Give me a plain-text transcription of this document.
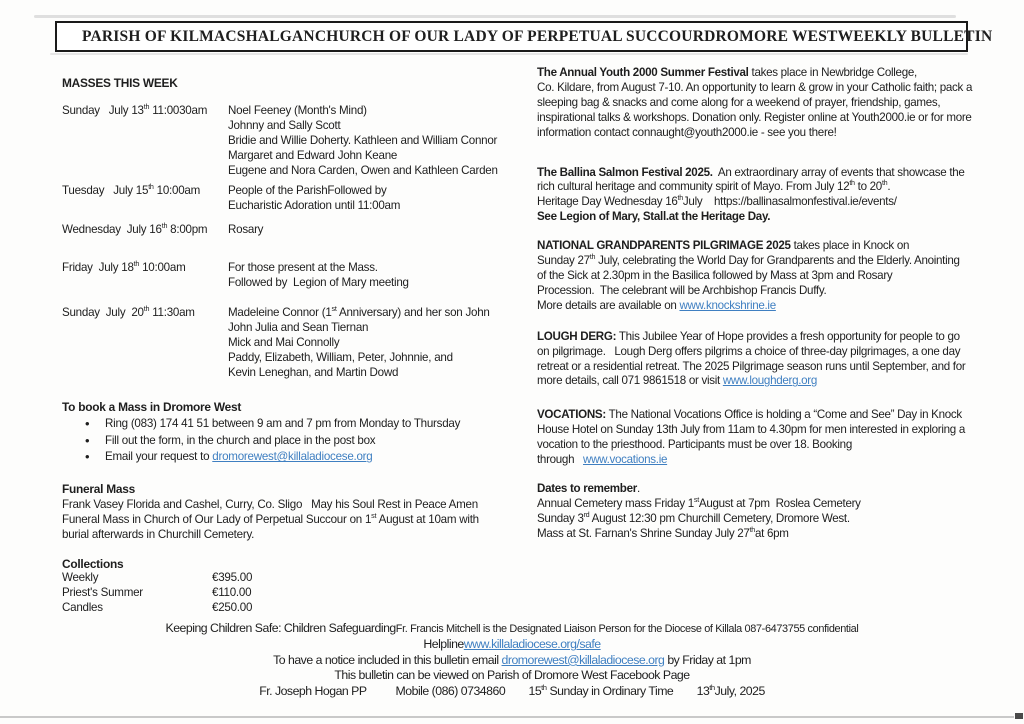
PARISH OF KILMACSHALGAN CHURCH OF OUR LADY OF PERPETUAL SUCCOUR DROMORE WEST WEEKLY BULLETIN
MASSES THIS WEEK
Sunday   July 13th 11:0030am	Noel Feeney (Month's Mind)
Johnny and Sally Scott
Bridie and Willie Doherty. Kathleen and William Connor
Margaret and Edward John Keane
Eugene and Nora Carden, Owen and Kathleen Carden
Tuesday   July 15th 10:00am	People of the ParishFollowed by
Eucharistic Adoration until 11:00am
Wednesday  July 16th 8:00pm	Rosary
Friday  July 18th 10:00am	For those present at the Mass.
Followed by  Legion of Mary meeting
Sunday  July  20th 11:30am	Madeleine Connor (1st Anniversary) and her son John
John Julia and Sean Tiernan
Mick and Mai Connolly
Paddy, Elizabeth, William, Peter, Johnnie, and
Kevin Leneghan, and Martin Dowd
To book a Mass in Dromore West
• Ring (083) 174 41 51 between 9 am and 7 pm from Monday to Thursday
• Fill out the form, in the church and place in the post box
• Email your request to dromorewest@killaladiocese.org
Funeral Mass
Frank Vasey Florida and Cashel, Curry, Co. Sligo   May his Soul Rest in Peace Amen
Funeral Mass in Church of Our Lady of Perpetual Succour on 1st August at 10am with
burial afterwards in Churchill Cemetery.
Collections
Weekly	€395.00
Priest's Summer	€110.00
Candles	€250.00
The Annual Youth 2000 Summer Festival takes place in Newbridge College,
Co. Kildare, from August 7-10. An opportunity to learn & grow in your Catholic faith; pack a
sleeping bag & snacks and come along for a weekend of prayer, friendship, games,
inspirational talks & workshops. Donation only. Register online at Youth2000.ie or for more
information contact connaught@youth2000.ie - see you there!
The Ballina Salmon Festival 2025.  An extraordinary array of events that showcase the
rich cultural heritage and community spirit of Mayo. From July 12th to 20th.
Heritage Day Wednesday 16thJuly    https://ballinasalmonfestival.ie/events/
See Legion of Mary, Stall.at the Heritage Day.
NATIONAL GRANDPARENTS PILGRIMAGE 2025 takes place in Knock on
Sunday 27th July, celebrating the World Day for Grandparents and the Elderly. Anointing
of the Sick at 2.30pm in the Basilica followed by Mass at 3pm and Rosary
Procession.  The celebrant will be Archbishop Francis Duffy.
More details are available on www.knockshrine.ie
LOUGH DERG: This Jubilee Year of Hope provides a fresh opportunity for people to go
on pilgrimage.   Lough Derg offers pilgrims a choice of three-day pilgrimages, a one day
retreat or a residential retreat. The 2025 Pilgrimage season runs until September, and for
more details, call 071 9861518 or visit www.loughderg.org
VOCATIONS: The National Vocations Office is holding a “Come and See” Day in Knock
House Hotel on Sunday 13th July from 11am to 4.30pm for men interested in exploring a
vocation to the priesthood. Participants must be over 18. Booking
through   www.vocations.ie
Dates to remember.
Annual Cemetery mass Friday 1stAugust at 7pm  Roslea Cemetery
Sunday 3rd August 12:30 pm Churchill Cemetery, Dromore West.
Mass at St. Farnan's Shrine Sunday July 27that 6pm
Keeping Children Safe: Children SafeguardingFr. Francis Mitchell is the Designated Liaison Person for the Diocese of Killala 087-6473755 confidential
Helplinewww.killaladiocese.org/safe
To have a notice included in this bulletin email dromorewest@killaladiocese.org by Friday at 1pm
This bulletin can be viewed on Parish of Dromore West Facebook Page
Fr. Joseph Hogan PP          Mobile (086) 0734860        15th Sunday in Ordinary Time        13thJuly, 2025
